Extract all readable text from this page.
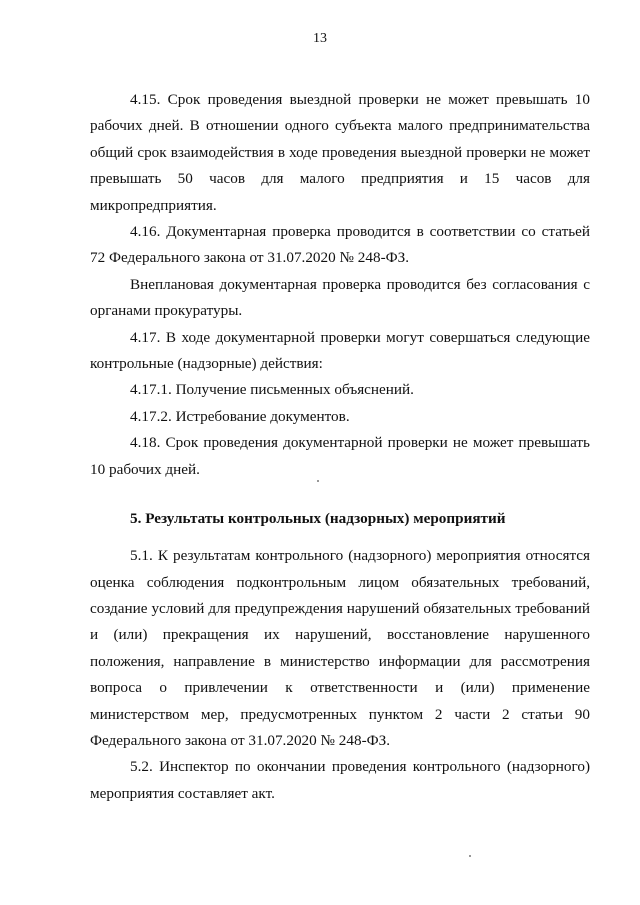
13

4.15. Срок проведения выездной проверки не может превышать 10 рабочих дней. В отношении одного субъекта малого предпринимательства общий срок взаимодействия в ходе проведения выездной проверки не может превышать 50 часов для малого предприятия и 15 часов для микропредприятия.

4.16. Документарная проверка проводится в соответствии со статьей 72 Федерального закона от 31.07.2020 № 248-ФЗ.

Внеплановая документарная проверка проводится без согласования с органами прокуратуры.

4.17. В ходе документарной проверки могут совершаться следующие контрольные (надзорные) действия:

4.17.1. Получение письменных объяснений.

4.17.2. Истребование документов.

4.18. Срок проведения документарной проверки не может превышать 10 рабочих дней.

5. Результаты контрольных (надзорных) мероприятий

5.1. К результатам контрольного (надзорного) мероприятия относятся оценка соблюдения подконтрольным лицом обязательных требований, создание условий для предупреждения нарушений обязательных требований и (или) прекращения их нарушений, восстановление нарушенного положения, направление в министерство информации для рассмотрения вопроса о привлечении к ответственности и (или) применение министерством мер, предусмотренных пунктом 2 части 2 статьи 90 Федерального закона от 31.07.2020 № 248-ФЗ.

5.2. Инспектор по окончании проведения контрольного (надзорного) мероприятия составляет акт.
